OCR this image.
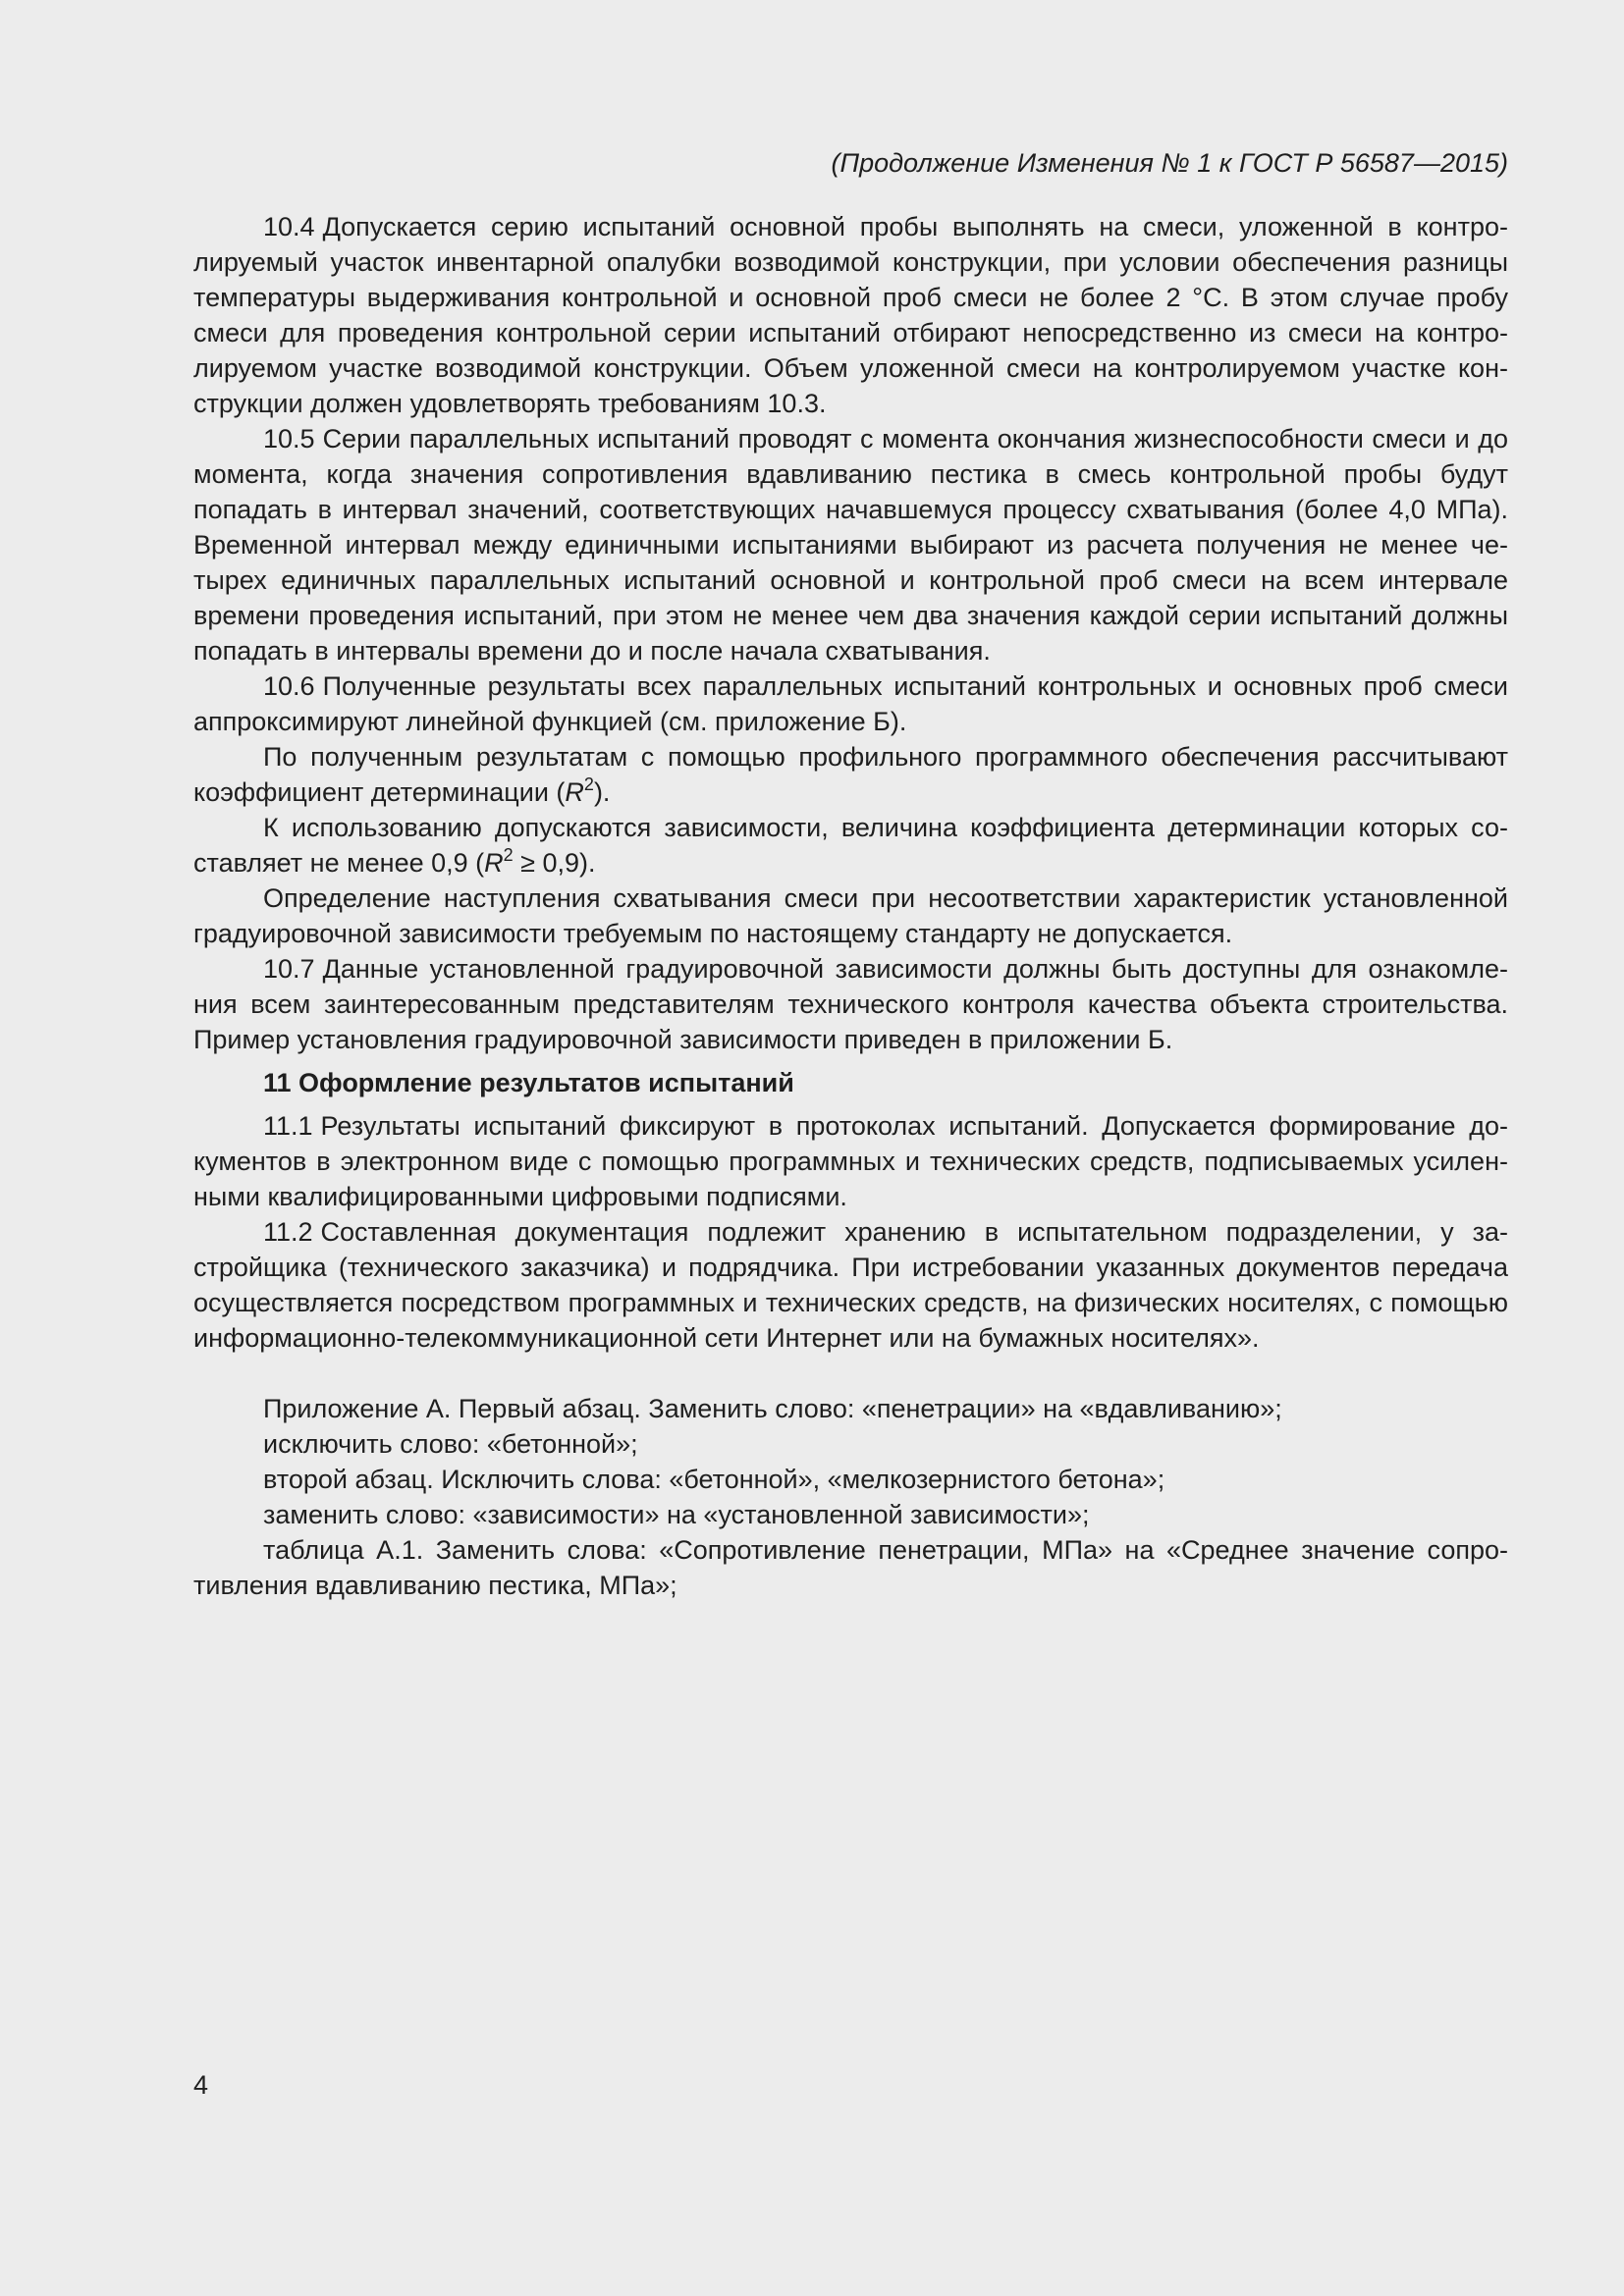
(Продолжение Изменения № 1 к ГОСТ Р 56587—2015)

10.4 Допускается серию испытаний основной пробы выполнять на смеси, уложенной в контролируемый участок инвентарной опалубки возводимой конструкции, при условии обеспечения разницы температуры выдерживания контрольной и основной проб смеси не более 2 °С. В этом случае пробу смеси для проведения контрольной серии испытаний отбирают непосредственно из смеси на контролируемом участке возводимой конструкции. Объем уложенной смеси на контролируемом участке конструкции должен удовлетворять требованиям 10.3.

10.5 Серии параллельных испытаний проводят с момента окончания жизнеспособности смеси и до момента, когда значения сопротивления вдавливанию пестика в смесь контрольной пробы будут попадать в интервал значений, соответствующих начавшемуся процессу схватывания (более 4,0 МПа). Временной интервал между единичными испытаниями выбирают из расчета получения не менее четырех единичных параллельных испытаний основной и контрольной проб смеси на всем интервале времени проведения испытаний, при этом не менее чем два значения каждой серии испытаний должны попадать в интервалы времени до и после начала схватывания.

10.6 Полученные результаты всех параллельных испытаний контрольных и основных проб смеси аппроксимируют линейной функцией (см. приложение Б).

По полученным результатам с помощью профильного программного обеспечения рассчитывают коэффициент детерминации $(R^2)$.

К использованию допускаются зависимости, величина коэффициента детерминации которых составляет не менее 0,9 $(R^2 \ge 0,9)$.

Определение наступления схватывания смеси при несоответствии характеристик установленной градуировочной зависимости требуемым по настоящему стандарту не допускается.

10.7 Данные установленной градуировочной зависимости должны быть доступны для ознакомления всем заинтересованным представителям технического контроля качества объекта строительства. Пример установления градуировочной зависимости приведен в приложении Б.

11 Оформление результатов испытаний

11.1 Результаты испытаний фиксируют в протоколах испытаний. Допускается формирование документов в электронном виде с помощью программных и технических средств, подписываемых усиленными квалифицированными цифровыми подписями.

11.2 Составленная документация подлежит хранению в испытательном подразделении, у застройщика (технического заказчика) и подрядчика. При истребовании указанных документов передача осуществляется посредством программных и технических средств, на физических носителях, с помощью информационно-телекоммуникационной сети Интернет или на бумажных носителях».

Приложение А. Первый абзац. Заменить слово: «пенетрации» на «вдавливанию»;

исключить слово: «бетонной»;

второй абзац. Исключить слова: «бетонной», «мелкозернистого бетона»;

заменить слово: «зависимости» на «установленной зависимости»;

таблица А.1. Заменить слова: «Сопротивление пенетрации, МПа» на «Среднее значение сопротивления вдавливанию пестика, МПа»;

4
